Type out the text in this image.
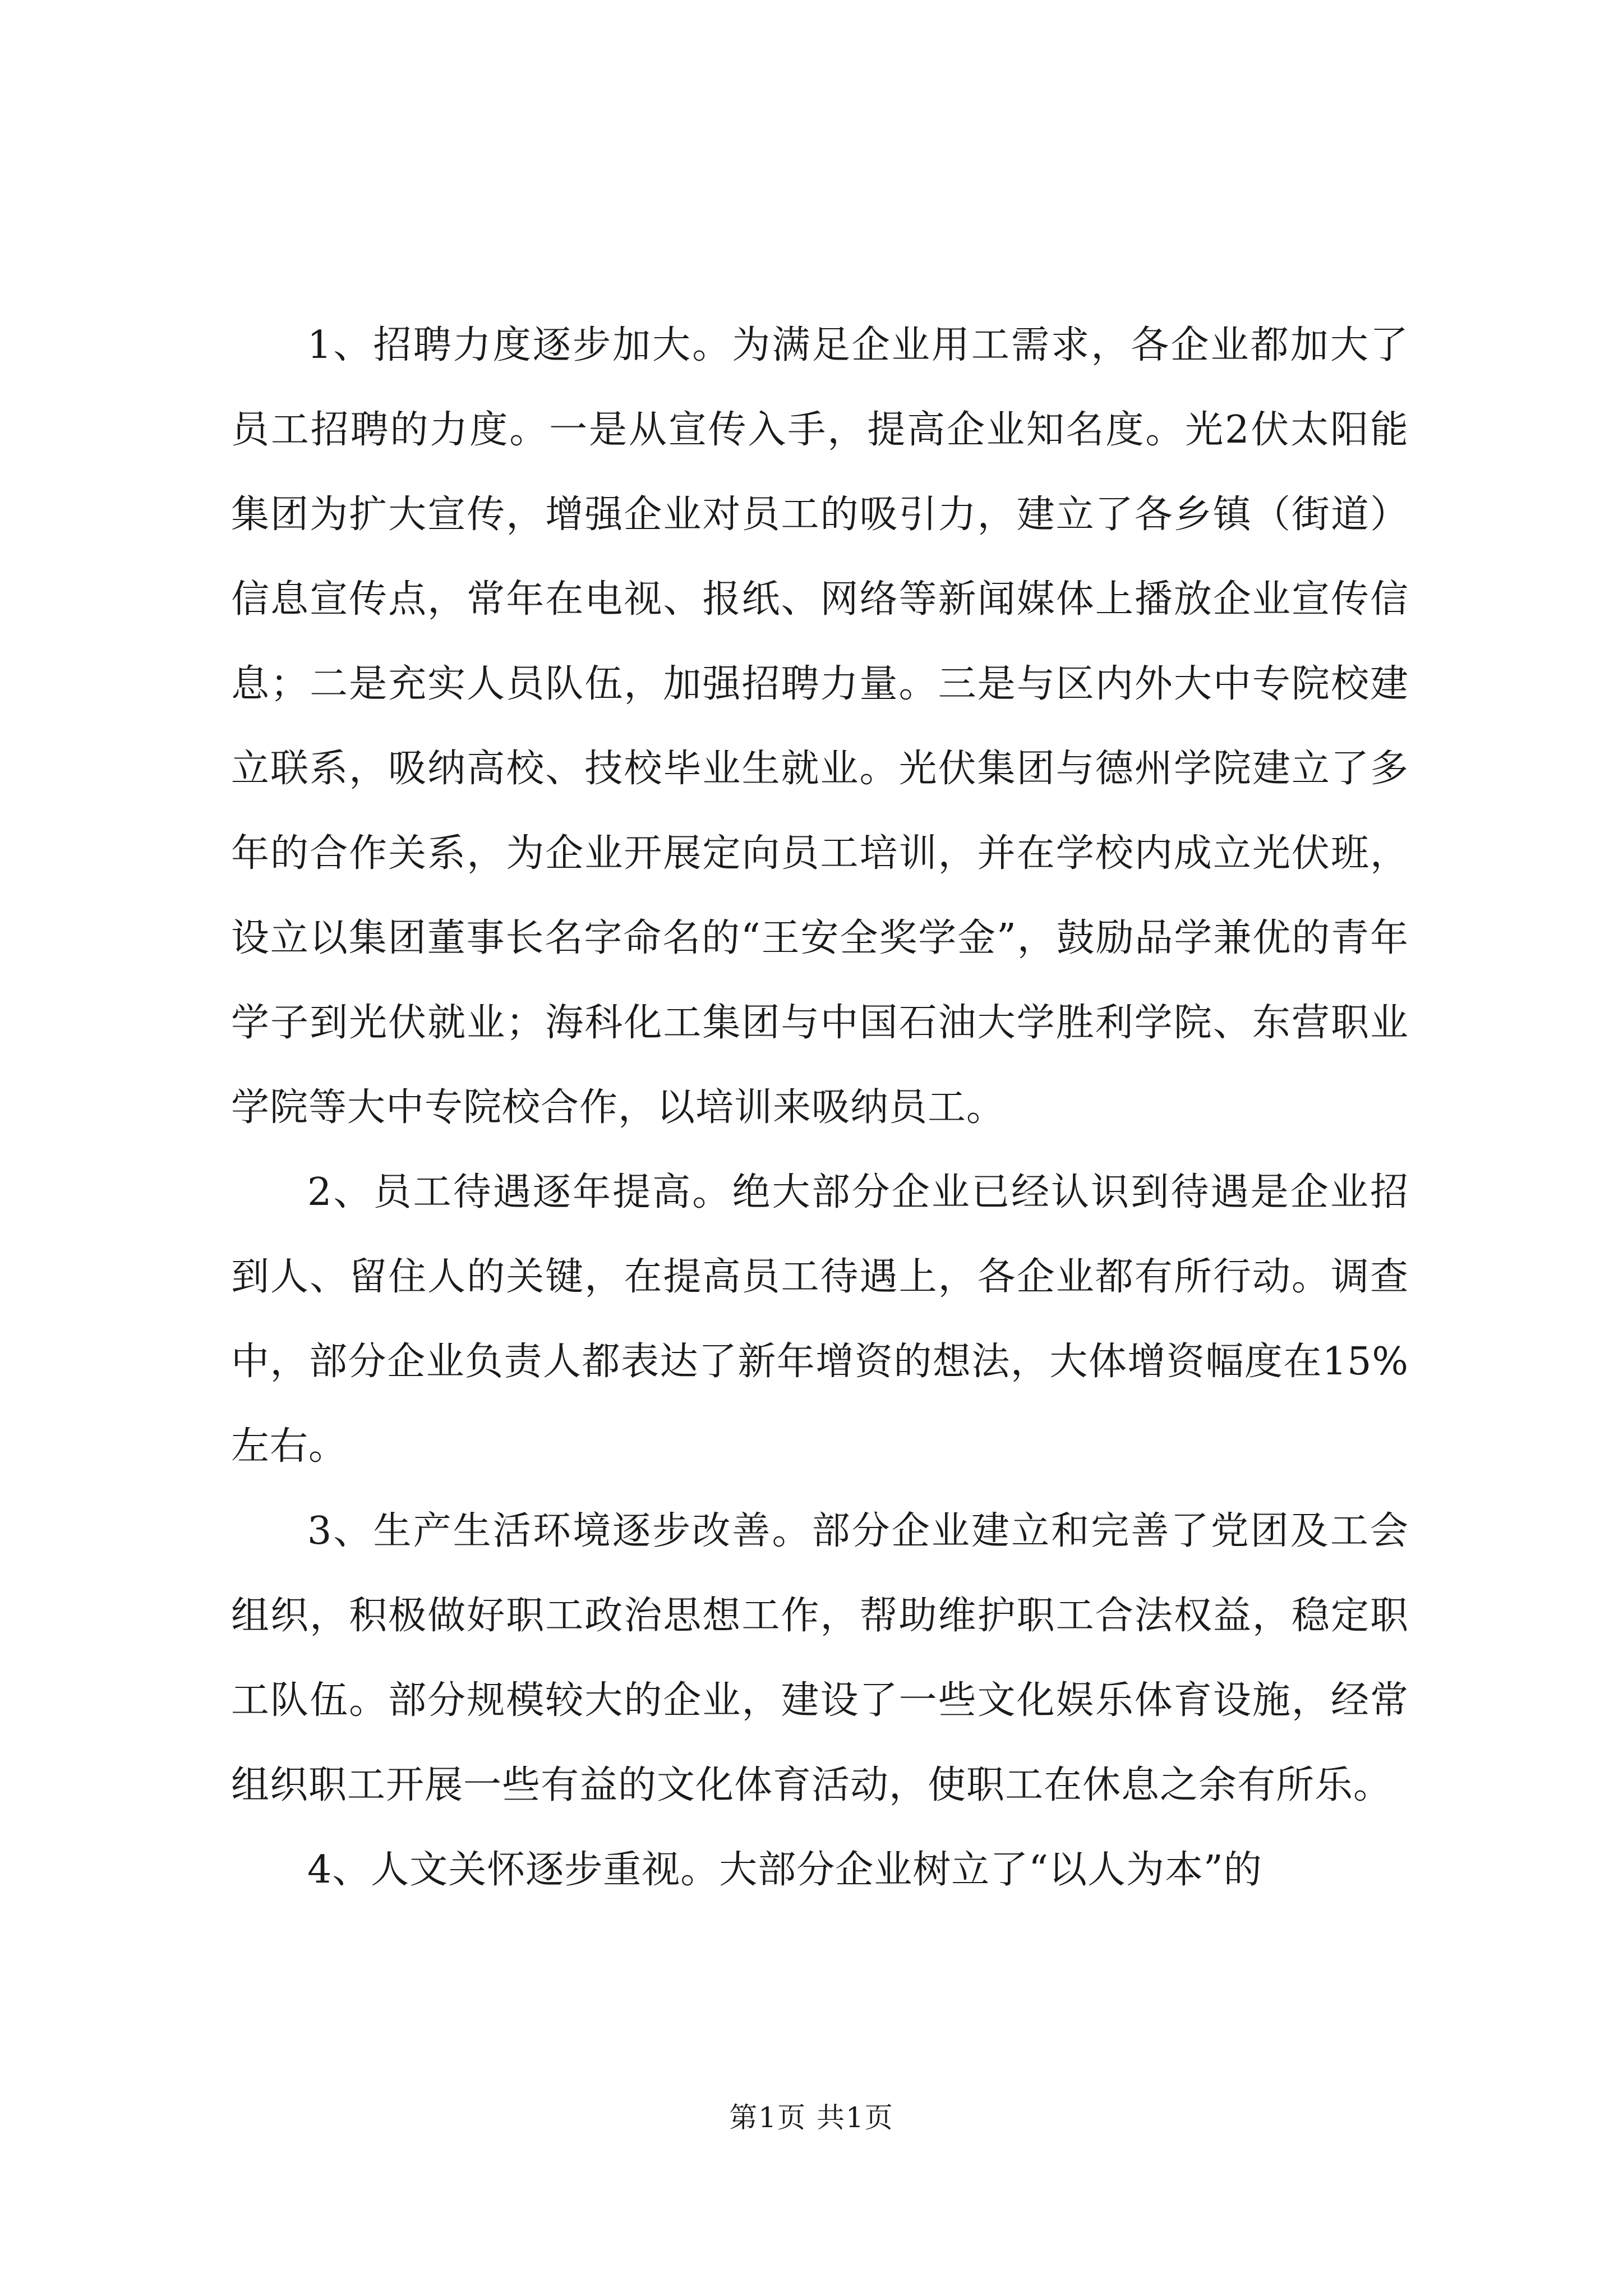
1、招聘力度逐步加大。为满足企业用工需求，各企业都加大了员工招聘的力度。一是从宣传入手，提高企业知名度。光2伏太阳能集团为扩大宣传，增强企业对员工的吸引力，建立了各乡镇（街道）信息宣传点，常年在电视、报纸、网络等新闻媒体上播放企业宣传信息；二是充实人员队伍，加强招聘力量。三是与区内外大中专院校建立联系，吸纳高校、技校毕业生就业。光伏集团与德州学院建立了多年的合作关系，为企业开展定向员工培训，并在学校内成立光伏班，设立以集团董事长名字命名的“王安全奖学金”，鼓励品学兼优的青年学子到光伏就业；海科化工集团与中国石油大学胜利学院、东营职业学院等大中专院校合作，以培训来吸纳员工。

2、员工待遇逐年提高。绝大部分企业已经认识到待遇是企业招到人、留住人的关键，在提高员工待遇上，各企业都有所行动。调查中，部分企业负责人都表达了新年增资的想法，大体增资幅度在15%左右。

3、生产生活环境逐步改善。部分企业建立和完善了党团及工会组织，积极做好职工政治思想工作，帮助维护职工合法权益，稳定职工队伍。部分规模较大的企业，建设了一些文化娱乐体育设施，经常组织职工开展一些有益的文化体育活动，使职工在休息之余有所乐。

4、人文关怀逐步重视。大部分企业树立了“以人为本”的

第1页 共1页
